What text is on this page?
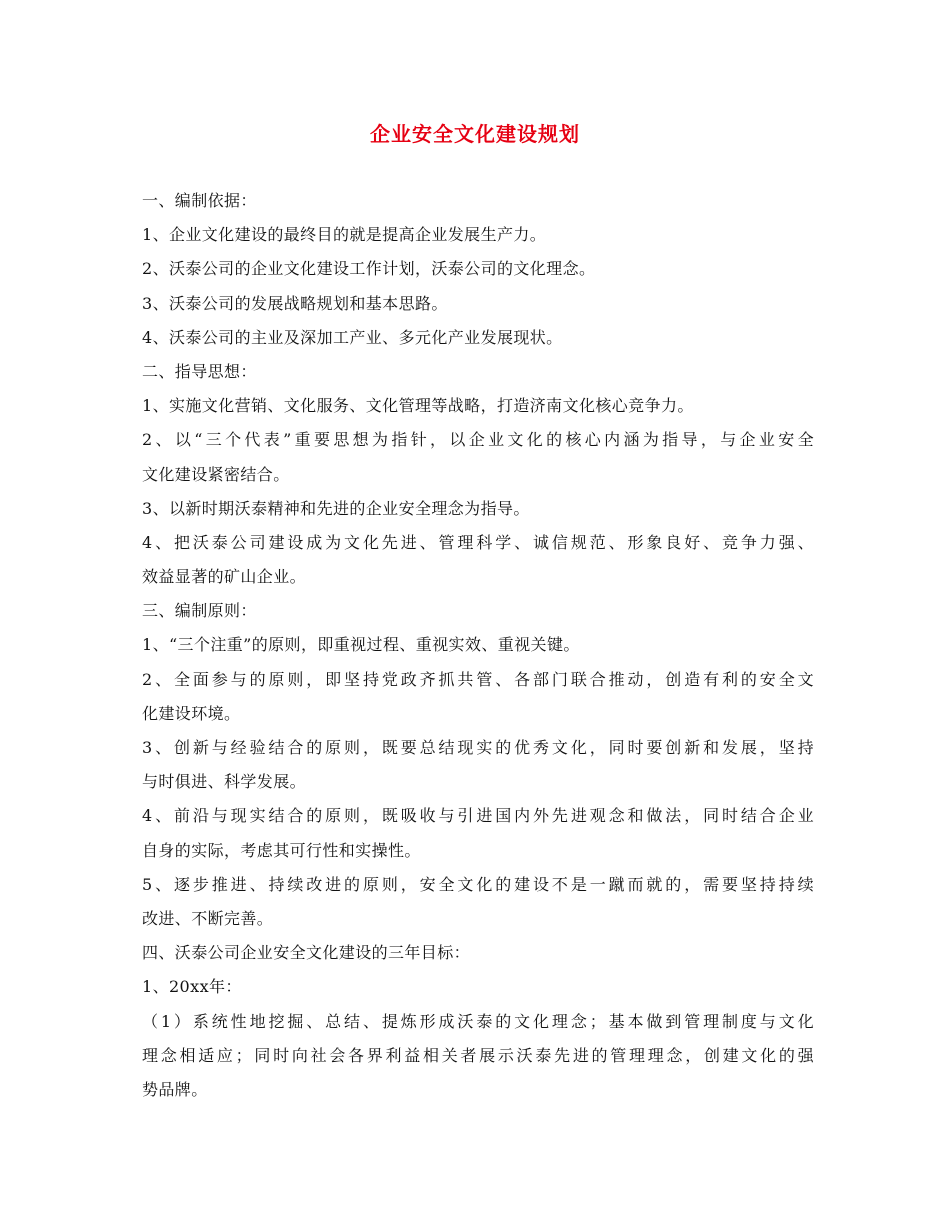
企业安全文化建设规划
一、编制依据：
1、企业文化建设的最终目的就是提高企业发展生产力。
2、沃泰公司的企业文化建设工作计划，沃泰公司的文化理念。
3、沃泰公司的发展战略规划和基本思路。
4、沃泰公司的主业及深加工产业、多元化产业发展现状。
二、指导思想：
1、实施文化营销、文化服务、文化管理等战略，打造济南文化核心竞争力。
2、以“三个代表”重要思想为指针，以企业文化的核心内涵为指导，与企业安全
文化建设紧密结合。
3、以新时期沃泰精神和先进的企业安全理念为指导。
4、把沃泰公司建设成为文化先进、管理科学、诚信规范、形象良好、竞争力强、
效益显著的矿山企业。
三、编制原则：
1、“三个注重”的原则，即重视过程、重视实效、重视关键。
2、全面参与的原则，即坚持党政齐抓共管、各部门联合推动，创造有利的安全文
化建设环境。
3、创新与经验结合的原则，既要总结现实的优秀文化，同时要创新和发展，坚持
与时俱进、科学发展。
4、前沿与现实结合的原则，既吸收与引进国内外先进观念和做法，同时结合企业
自身的实际，考虑其可行性和实操性。
5、逐步推进、持续改进的原则，安全文化的建设不是一蹴而就的，需要坚持持续
改进、不断完善。
四、沃泰公司企业安全文化建设的三年目标：
1、20xx年：
（1）系统性地挖掘、总结、提炼形成沃泰的文化理念；基本做到管理制度与文化
理念相适应；同时向社会各界利益相关者展示沃泰先进的管理理念，创建文化的强
势品牌。
